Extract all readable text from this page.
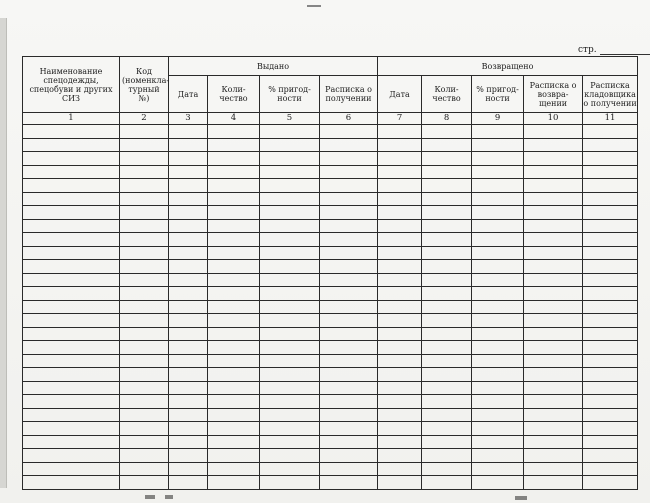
стр.
Наименование спецодежды, спецобуви и других СИЗ	Код (номенкла-турный №)	Выдано				Возвращено				
		Дата	Коли-чество	% пригод-ности	Расписка о получении	Дата	Коли-чество	% пригод-ности	Расписка о возвра-щении	Расписка кладовщика о получении
1	2	3	4	5	6	7	8	9	10	11
